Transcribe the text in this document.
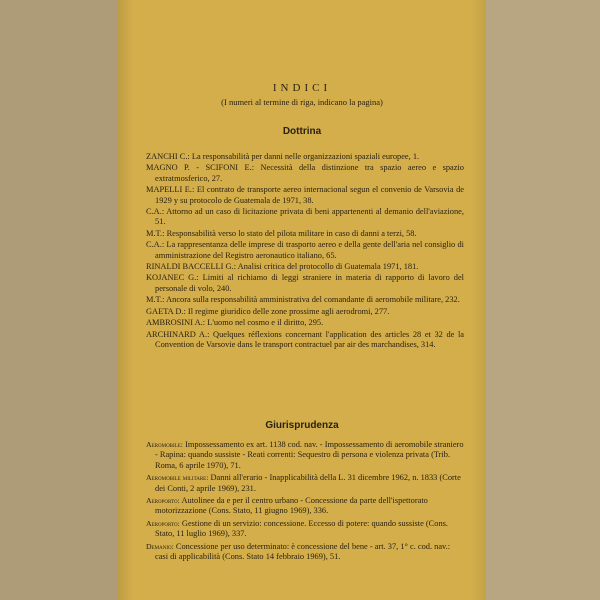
INDICI
(I numeri al termine di riga, indicano la pagina)
Dottrina

ZANCHI C.: La responsabilità per danni nelle organizzazioni spaziali europee, 1.

MAGNO P. - SCIFONI E.: Necessità della distinzione tra spazio aereo e spazio extratmosferico, 27.

MAPELLI E.: El contrato de transporte aereo internacional segun el convenio de Varsovia de 1929 y su protocolo de Guatemala de 1971, 38.

C.A.: Attorno ad un caso di licitazione privata di beni appartenenti al demanio dell'aviazione, 51.

M.T.: Responsabilità verso lo stato del pilota militare in caso di danni a terzi, 58.

C.A.: La rappresentanza delle imprese di trasporto aereo e della gente dell'aria nel consiglio di amministrazione del Registro aeronautico italiano, 65.

RINALDI BACCELLI G.: Analisi critica del protocollo di Guatemala 1971, 181.

KOJANEC G.: Limiti al richiamo di leggi straniere in materia di rapporto di lavoro del personale di volo, 240.

M.T.: Ancora sulla responsabilità amministrativa del comandante di aeromobile militare, 232.

GAETA D.: Il regime giuridico delle zone prossime agli aerodromi, 277.

AMBROSINI A.: L'uomo nel cosmo e il diritto, 295.

ARCHINARD A.: Quelques réflexions concernant l'application des articles 28 et 32 de la Convention de Varsovie dans le transport contractuel par air des marchandises, 314.

Giurisprudenza

Aeromobile: Impossessamento ex art. 1138 cod. nav. - Impossessamento di aeromobile straniero - Rapina: quando sussiste - Reati correnti: Sequestro di persona e violenza privata (Trib. Roma, 6 aprile 1970), 71.

Aeromobile militare: Danni all'erario - Inapplicabilità della L. 31 dicembre 1962, n. 1833 (Corte dei Conti, 2 aprile 1969), 231.

Aeroporto: Autolinee da e per il centro urbano - Concessione da parte dell'ispettorato motorizzazione (Cons. Stato, 11 giugno 1969), 336.

Aeroporto: Gestione di un servizio: concessione. Eccesso di potere: quando sussiste (Cons. Stato, 11 luglio 1969), 337.

Demanio: Concessione per uso determinato: è concessione del bene - art. 37, 1° c. cod. nav.: casi di applicabilità (Cons. Stato 14 febbraio 1969), 51.
